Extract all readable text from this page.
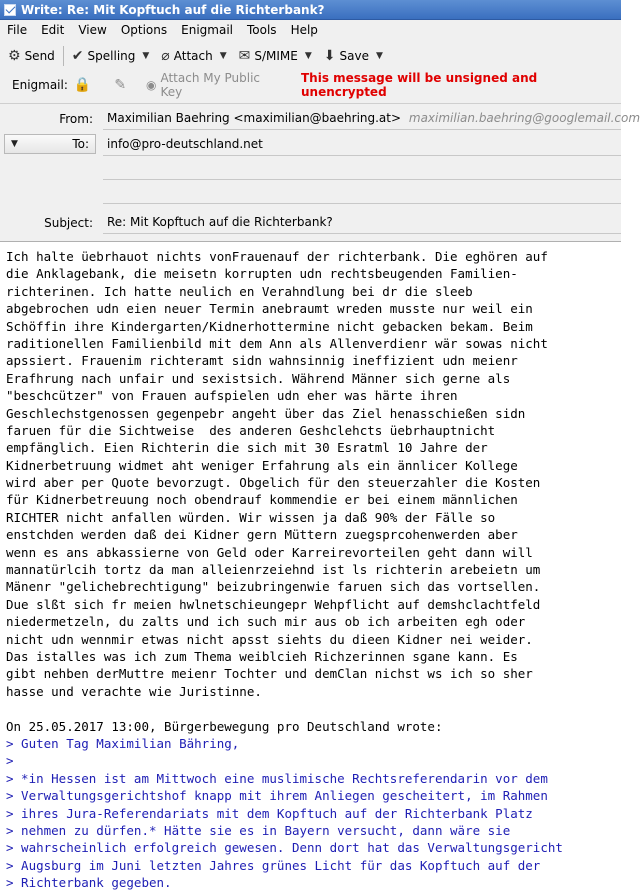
Write: Re: Mit Kopftuch auf die Richterbank?
File	Edit	View	Options	Enigmail	Tools	Help
⚙ Send ✔ Spelling ▼ ⌀ Attach ▼ ✉ S/MIME ▼ ⬇ Save ▼
Enigmail: 🔒	✎	◉ Attach My Public Key
This message will be unsigned and unencrypted
From:	Maximilian Baehring <maximilian@baehring.at> maximilian.baehring@googlemail.com
▼	To:	info@pro-deutschland.net
Subject:	Re: Mit Kopftuch auf die Richterbank?
Ich halte üebrhauot nichts vonFrauenauf der richterbank. Die eghören auf
die Anklagebank, die meisetn korrupten udn rechtsbeugenden Familien-
richterinen. Ich hatte neulich en Verahndlung bei dr die sleeb
abgebrochen udn eien neuer Termin anebraumt wreden musste nur weil ein
Schöffin ihre Kindergarten/Kidnerhottermine nicht gebacken bekam. Beim
raditionellen Familienbild mit dem Ann als Allenverdienr wär sowas nicht
apssiert. Frauenim richteramt sidn wahnsinnig ineffizient udn meienr
Erafhrung nach unfair und sexistsich. Während Männer sich gerne als
"beschcützer" von Frauen aufspielen udn eher was härte ihren
Geschlechstgenossen gegenpebr angeht über das Ziel henasschießen sidn
faruen für die Sichtweise  des anderen Geshclehcts üebrhauptnicht
empfänglich. Eien Richterin die sich mit 30 Esratml 10 Jahre der
Kidnerbetruung widmet aht weniger Erfahrung als ein ännlicer Kollege
wird aber per Quote bevorzugt. Obgelich für den steuerzahler die Kosten
für Kidnerbetreuung noch obendrauf kommendie er bei einem männlichen
RICHTER nicht anfallen würden. Wir wissen ja daß 90% der Fälle so
enstchden werden daß dei Kidner gern Müttern zuegsprcohenwerden aber
wenn es ans abkassierne von Geld oder Karreirevorteilen geht dann will
mannatürlcih tortz da man alleienrzeiehnd ist ls richterin arebeietn um
Mänenr "gelichebrechtigung" beizubringenwie faruen sich das vortsellen.
Due slßt sich fr meien hwlnetschieungepr Wehpflicht auf demshclachtfeld
niedermetzeln, du zalts und ich such mir aus ob ich arbeiten egh oder
nicht udn wennmir etwas nicht apsst siehts du dieen Kidner nei weider.
Das istalles was ich zum Thema weiblcieh Richzerinnen sgane kann. Es
gibt nehben derMuttre meienr Tochter und demClan nichst ws ich so sher
hasse und verachte wie Juristinne.
On 25.05.2017 13:00, Bürgerbewegung pro Deutschland wrote:
> Guten Tag Maximilian Bähring,
>
> *in Hessen ist am Mittwoch eine muslimische Rechtsreferendarin vor dem
> Verwaltungsgerichtshof knapp mit ihrem Anliegen gescheitert, im Rahmen
> ihres Jura-Referendariats mit dem Kopftuch auf der Richterbank Platz
> nehmen zu dürfen.* Hätte sie es in Bayern versucht, dann wäre sie
> wahrscheinlich erfolgreich gewesen. Denn dort hat das Verwaltungsgericht
> Augsburg im Juni letzten Jahres grünes Licht für das Kopftuch auf der
> Richterbank gegeben.
